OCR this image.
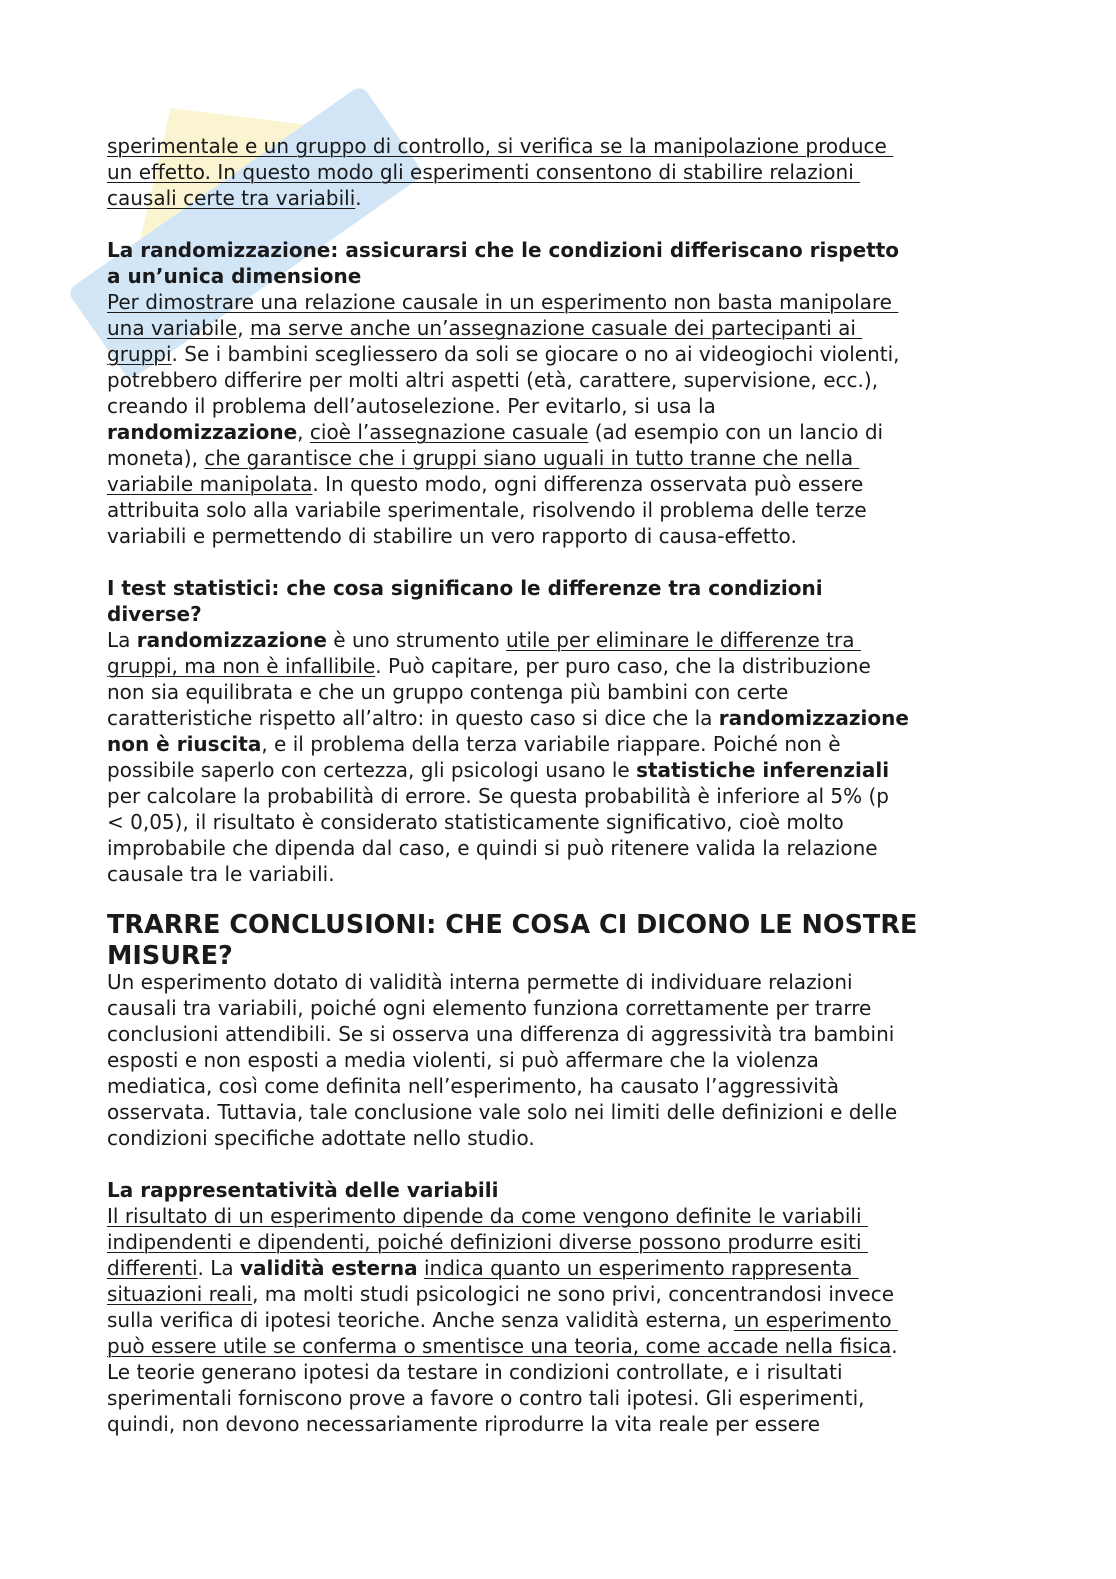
sperimentale e un gruppo di controllo, si verifica se la manipolazione produce
un effetto. In questo modo gli esperimenti consentono di stabilire relazioni
causali certe tra variabili.
La randomizzazione: assicurarsi che le condizioni differiscano rispetto
a un’unica dimensione
Per dimostrare una relazione causale in un esperimento non basta manipolare
una variabile, ma serve anche un’assegnazione casuale dei partecipanti ai
gruppi. Se i bambini scegliessero da soli se giocare o no ai videogiochi violenti,
potrebbero differire per molti altri aspetti (età, carattere, supervisione, ecc.),
creando il problema dell’autoselezione. Per evitarlo, si usa la
randomizzazione, cioè l’assegnazione casuale (ad esempio con un lancio di
moneta), che garantisce che i gruppi siano uguali in tutto tranne che nella
variabile manipolata. In questo modo, ogni differenza osservata può essere
attribuita solo alla variabile sperimentale, risolvendo il problema delle terze
variabili e permettendo di stabilire un vero rapporto di causa-effetto.
I test statistici: che cosa significano le differenze tra condizioni
diverse?
La randomizzazione è uno strumento utile per eliminare le differenze tra
gruppi, ma non è infallibile. Può capitare, per puro caso, che la distribuzione
non sia equilibrata e che un gruppo contenga più bambini con certe
caratteristiche rispetto all’altro: in questo caso si dice che la randomizzazione
non è riuscita, e il problema della terza variabile riappare. Poiché non è
possibile saperlo con certezza, gli psicologi usano le statistiche inferenziali
per calcolare la probabilità di errore. Se questa probabilità è inferiore al 5% (p
< 0,05), il risultato è considerato statisticamente significativo, cioè molto
improbabile che dipenda dal caso, e quindi si può ritenere valida la relazione
causale tra le variabili.
TRARRE CONCLUSIONI: CHE COSA CI DICONO LE NOSTRE
MISURE?
Un esperimento dotato di validità interna permette di individuare relazioni
causali tra variabili, poiché ogni elemento funziona correttamente per trarre
conclusioni attendibili. Se si osserva una differenza di aggressività tra bambini
esposti e non esposti a media violenti, si può affermare che la violenza
mediatica, così come definita nell’esperimento, ha causato l’aggressività
osservata. Tuttavia, tale conclusione vale solo nei limiti delle definizioni e delle
condizioni specifiche adottate nello studio.
La rappresentatività delle variabili
Il risultato di un esperimento dipende da come vengono definite le variabili
indipendenti e dipendenti, poiché definizioni diverse possono produrre esiti
differenti. La validità esterna indica quanto un esperimento rappresenta
situazioni reali, ma molti studi psicologici ne sono privi, concentrandosi invece
sulla verifica di ipotesi teoriche. Anche senza validità esterna, un esperimento
può essere utile se conferma o smentisce una teoria, come accade nella fisica.
Le teorie generano ipotesi da testare in condizioni controllate, e i risultati
sperimentali forniscono prove a favore o contro tali ipotesi. Gli esperimenti,
quindi, non devono necessariamente riprodurre la vita reale per essere
